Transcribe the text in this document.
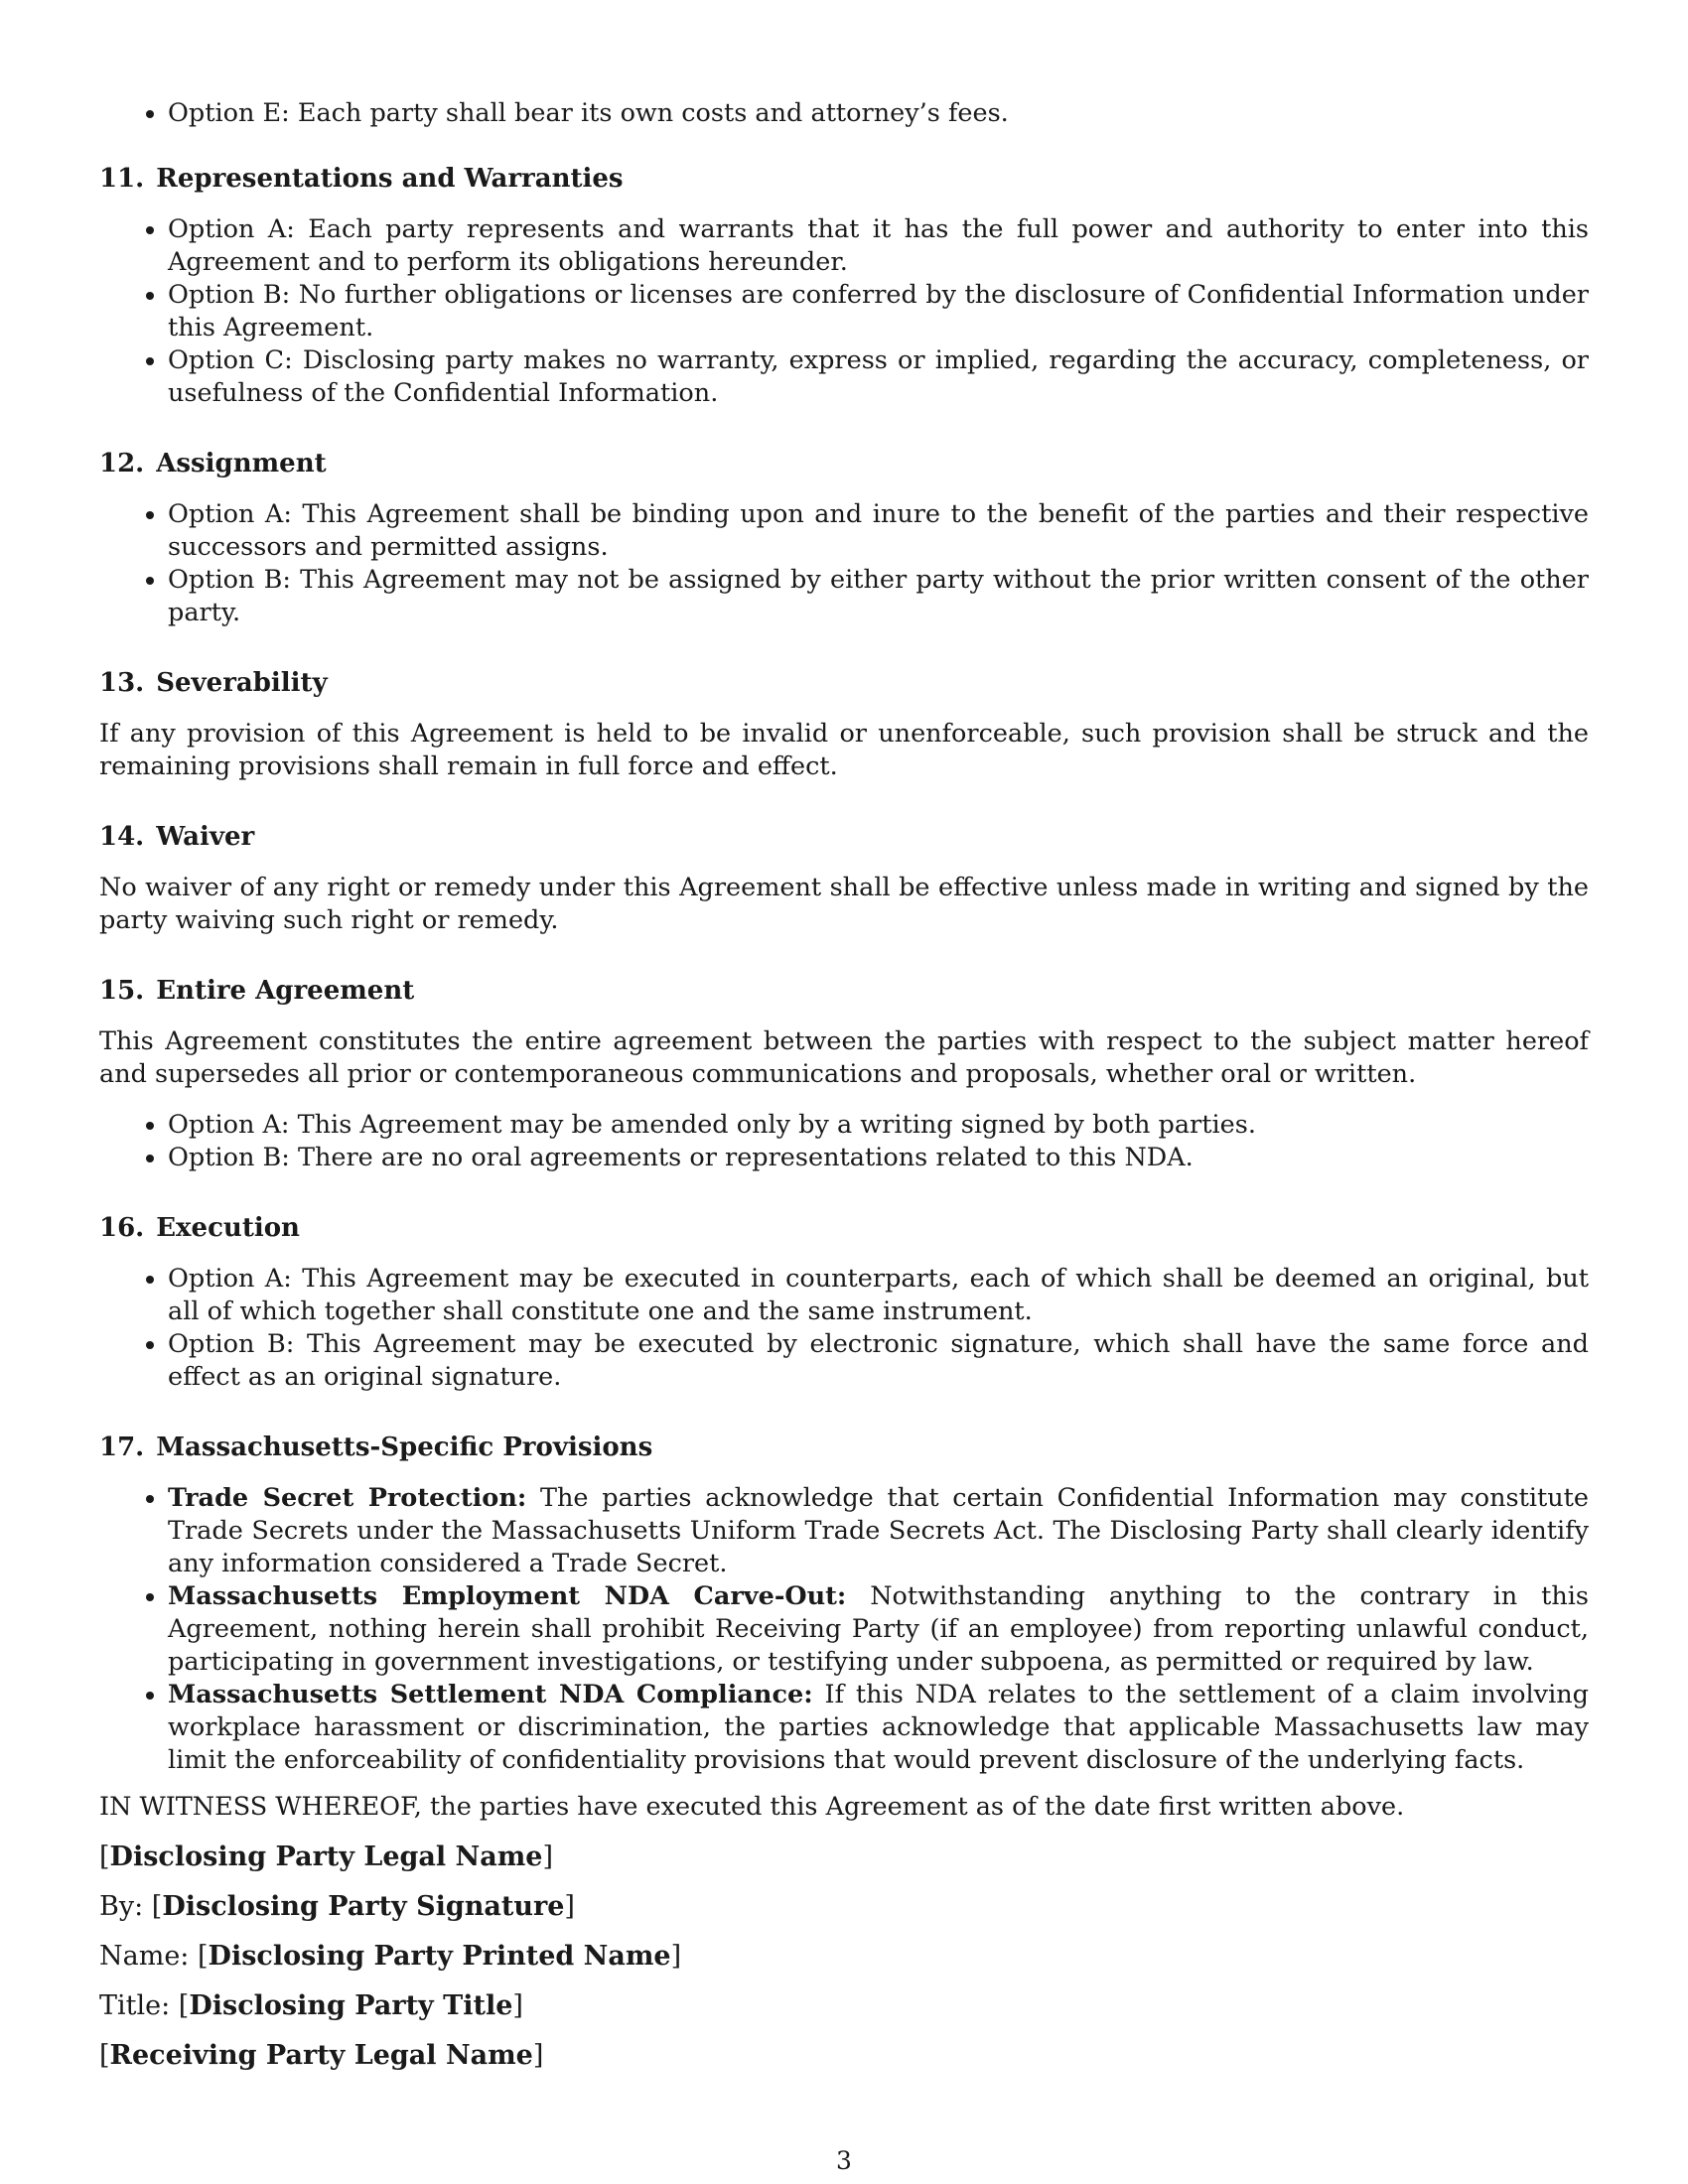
• Option E: Each party shall bear its own costs and attorney’s fees.
11. Representations and Warranties
• Option A: Each party represents and warrants that it has the full power and authority to enter into this Agreement and to perform its obligations hereunder.
• Option B: No further obligations or licenses are conferred by the disclosure of Confidential Information under this Agreement.
• Option C: Disclosing party makes no warranty, express or implied, regarding the accuracy, completeness, or usefulness of the Confidential Information.
12. Assignment
• Option A: This Agreement shall be binding upon and inure to the benefit of the parties and their respective successors and permitted assigns.
• Option B: This Agreement may not be assigned by either party without the prior written consent of the other party.
13. Severability

If any provision of this Agreement is held to be invalid or unenforceable, such provision shall be struck and the remaining provisions shall remain in full force and effect.

14. Waiver

No waiver of any right or remedy under this Agreement shall be effective unless made in writing and signed by the party waiving such right or remedy.

15. Entire Agreement

This Agreement constitutes the entire agreement between the parties with respect to the subject matter hereof and supersedes all prior or contemporaneous communications and proposals, whether oral or written.

• Option A: This Agreement may be amended only by a writing signed by both parties.
• Option B: There are no oral agreements or representations related to this NDA.
16. Execution
• Option A: This Agreement may be executed in counterparts, each of which shall be deemed an original, but all of which together shall constitute one and the same instrument.
• Option B: This Agreement may be executed by electronic signature, which shall have the same force and effect as an original signature.
17. Massachusetts-Specific Provisions
• Trade Secret Protection: The parties acknowledge that certain Confidential Information may constitute Trade Secrets under the Massachusetts Uniform Trade Secrets Act. The Disclosing Party shall clearly identify any information considered a Trade Secret.
• Massachusetts Employment NDA Carve-Out: Notwithstanding anything to the contrary in this Agreement, nothing herein shall prohibit Receiving Party (if an employee) from reporting unlawful conduct, participating in government investigations, or testifying under subpoena, as permitted or required by law.
• Massachusetts Settlement NDA Compliance: If this NDA relates to the settlement of a claim involving workplace harassment or discrimination, the parties acknowledge that applicable Massachusetts law may limit the enforceability of confidentiality provisions that would prevent disclosure of the underlying facts.

IN WITNESS WHEREOF, the parties have executed this Agreement as of the date first written above.

[Disclosing Party Legal Name]
By: [Disclosing Party Signature]
Name: [Disclosing Party Printed Name]
Title: [Disclosing Party Title]
[Receiving Party Legal Name]
3
